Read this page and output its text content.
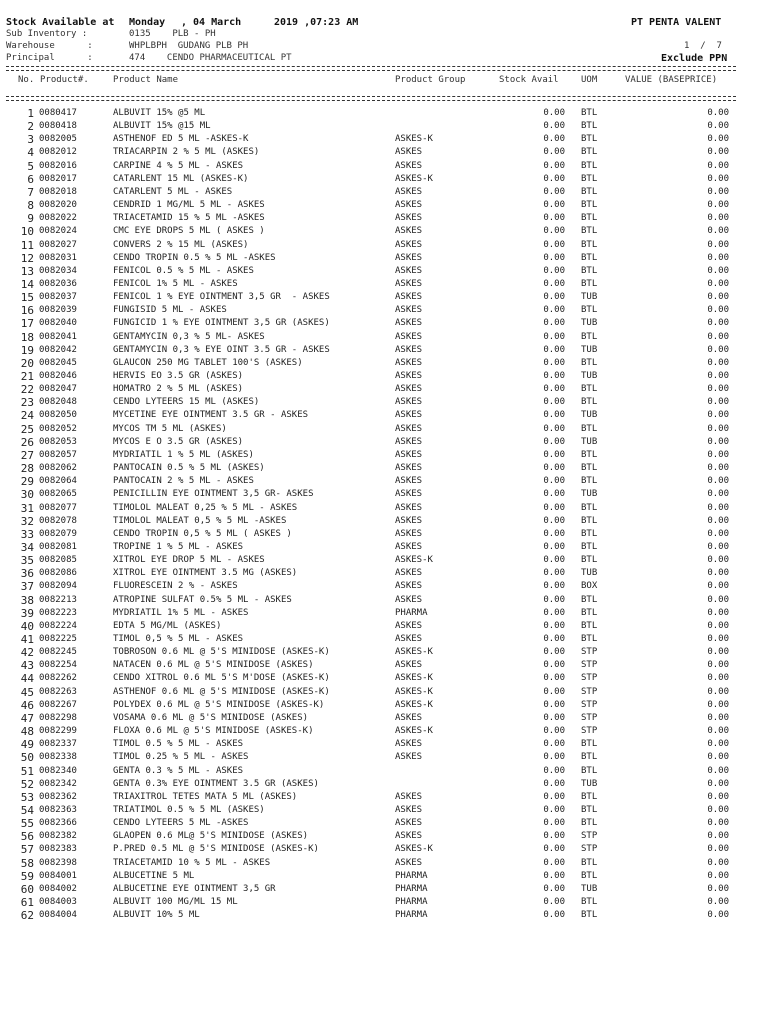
Stock Available at Monday , 04 March	2019 ,07:23 AM	PT PENTA VALENT
Sub Inventory :	0135    PLB - PH
Warehouse      :	WHPLBPH  GUDANG PLB PH	1  /  7
Principal      :	474    CENDO PHARMACEUTICAL PT	Exclude PPN
No. Product#.	Product Name	Product Group	Stock Avail UOM	VALUE (BASEPRICE)
1 0080417	ALBUVIT 15% @5 ML	0.00 BTL	0.00
2 0080418	ALBUVIT 15% @15 ML	0.00 BTL	0.00
3 0082005	ASTHENOF ED 5 ML -ASKES-K	ASKES-K	0.00 BTL	0.00
4 0082012	TRIACARPIN 2 % 5 ML (ASKES)	ASKES	0.00 BTL	0.00
5 0082016	CARPINE 4 % 5 ML - ASKES	ASKES	0.00 BTL	0.00
6 0082017	CATARLENT 15 ML (ASKES-K)	ASKES-K	0.00 BTL	0.00
7 0082018	CATARLENT 5 ML - ASKES	ASKES	0.00 BTL	0.00
8 0082020	CENDRID 1 MG/ML 5 ML - ASKES	ASKES	0.00 BTL	0.00
9 0082022	TRIACETAMID 15 % 5 ML -ASKES	ASKES	0.00 BTL	0.00
10 0082024	CMC EYE DROPS 5 ML ( ASKES )	ASKES	0.00 BTL	0.00
11 0082027	CONVERS 2 % 15 ML (ASKES)	ASKES	0.00 BTL	0.00
12 0082031	CENDO TROPIN 0.5 % 5 ML -ASKES	ASKES	0.00 BTL	0.00
13 0082034	FENICOL 0.5 % 5 ML - ASKES	ASKES	0.00 BTL	0.00
14 0082036	FENICOL 1% 5 ML - ASKES	ASKES	0.00 BTL	0.00
15 0082037	FENICOL 1 % EYE OINTMENT 3,5 GR  - ASKES	ASKES	0.00 TUB	0.00
16 0082039	FUNGISID 5 ML - ASKES	ASKES	0.00 BTL	0.00
17 0082040	FUNGICID 1 % EYE OINTMENT 3,5 GR (ASKES)	ASKES	0.00 TUB	0.00
18 0082041	GENTAMYCIN 0,3 % 5 ML- ASKES	ASKES	0.00 BTL	0.00
19 0082042	GENTAMYCIN 0,3 % EYE OINT 3.5 GR - ASKES	ASKES	0.00 TUB	0.00
20 0082045	GLAUCON 250 MG TABLET 100'S (ASKES)	ASKES	0.00 BTL	0.00
21 0082046	HERVIS EO 3.5 GR (ASKES)	ASKES	0.00 TUB	0.00
22 0082047	HOMATRO 2 % 5 ML (ASKES)	ASKES	0.00 BTL	0.00
23 0082048	CENDO LYTEERS 15 ML (ASKES)	ASKES	0.00 BTL	0.00
24 0082050	MYCETINE EYE OINTMENT 3.5 GR - ASKES	ASKES	0.00 TUB	0.00
25 0082052	MYCOS TM 5 ML (ASKES)	ASKES	0.00 BTL	0.00
26 0082053	MYCOS E O 3.5 GR (ASKES)	ASKES	0.00 TUB	0.00
27 0082057	MYDRIATIL 1 % 5 ML (ASKES)	ASKES	0.00 BTL	0.00
28 0082062	PANTOCAIN 0.5 % 5 ML (ASKES)	ASKES	0.00 BTL	0.00
29 0082064	PANTOCAIN 2 % 5 ML - ASKES	ASKES	0.00 BTL	0.00
30 0082065	PENICILLIN EYE OINTMENT 3,5 GR- ASKES	ASKES	0.00 TUB	0.00
31 0082077	TIMOLOL MALEAT 0,25 % 5 ML - ASKES	ASKES	0.00 BTL	0.00
32 0082078	TIMOLOL MALEAT 0,5 % 5 ML -ASKES	ASKES	0.00 BTL	0.00
33 0082079	CENDO TROPIN 0,5 % 5 ML ( ASKES )	ASKES	0.00 BTL	0.00
34 0082081	TROPINE 1 % 5 ML - ASKES	ASKES	0.00 BTL	0.00
35 0082085	XITROL EYE DROP 5 ML - ASKES	ASKES-K	0.00 BTL	0.00
36 0082086	XITROL EYE OINTMENT 3.5 MG (ASKES)	ASKES	0.00 TUB	0.00
37 0082094	FLUORESCEIN 2 % - ASKES	ASKES	0.00 BOX	0.00
38 0082213	ATROPINE SULFAT 0.5% 5 ML - ASKES	ASKES	0.00 BTL	0.00
39 0082223	MYDRIATIL 1% 5 ML - ASKES	PHARMA	0.00 BTL	0.00
40 0082224	EDTA 5 MG/ML (ASKES)	ASKES	0.00 BTL	0.00
41 0082225	TIMOL 0,5 % 5 ML - ASKES	ASKES	0.00 BTL	0.00
42 0082245	TOBROSON 0.6 ML @ 5'S MINIDOSE (ASKES-K)	ASKES-K	0.00 STP	0.00
43 0082254	NATACEN 0.6 ML @ 5'S MINIDOSE (ASKES)	ASKES	0.00 STP	0.00
44 0082262	CENDO XITROL 0.6 ML 5'S M'DOSE (ASKES-K)	ASKES-K	0.00 STP	0.00
45 0082263	ASTHENOF 0.6 ML @ 5'S MINIDOSE (ASKES-K)	ASKES-K	0.00 STP	0.00
46 0082267	POLYDEX 0.6 ML @ 5'S MINIDOSE (ASKES-K)	ASKES-K	0.00 STP	0.00
47 0082298	VOSAMA 0.6 ML @ 5'S MINIDOSE (ASKES)	ASKES	0.00 STP	0.00
48 0082299	FLOXA 0.6 ML @ 5'S MINIDOSE (ASKES-K)	ASKES-K	0.00 STP	0.00
49 0082337	TIMOL 0.5 % 5 ML - ASKES	ASKES	0.00 BTL	0.00
50 0082338	TIMOL 0.25 % 5 ML - ASKES	ASKES	0.00 BTL	0.00
51 0082340	GENTA 0.3 % 5 ML - ASKES	0.00 BTL	0.00
52 0082342	GENTA 0.3% EYE OINTMENT 3.5 GR (ASKES)	0.00 TUB	0.00
53 0082362	TRIAXITROL TETES MATA 5 ML (ASKES)	ASKES	0.00 BTL	0.00
54 0082363	TRIATIMOL 0.5 % 5 ML (ASKES)	ASKES	0.00 BTL	0.00
55 0082366	CENDO LYTEERS 5 ML -ASKES	ASKES	0.00 BTL	0.00
56 0082382	GLAOPEN 0.6 ML@ 5'S MINIDOSE (ASKES)	ASKES	0.00 STP	0.00
57 0082383	P.PRED 0.5 ML @ 5'S MINIDOSE (ASKES-K)	ASKES-K	0.00 STP	0.00
58 0082398	TRIACETAMID 10 % 5 ML - ASKES	ASKES	0.00 BTL	0.00
59 0084001	ALBUCETINE 5 ML	PHARMA	0.00 BTL	0.00
60 0084002	ALBUCETINE EYE OINTMENT 3,5 GR	PHARMA	0.00 TUB	0.00
61 0084003	ALBUVIT 100 MG/ML 15 ML	PHARMA	0.00 BTL	0.00
62 0084004	ALBUVIT 10% 5 ML	PHARMA	0.00 BTL	0.00
